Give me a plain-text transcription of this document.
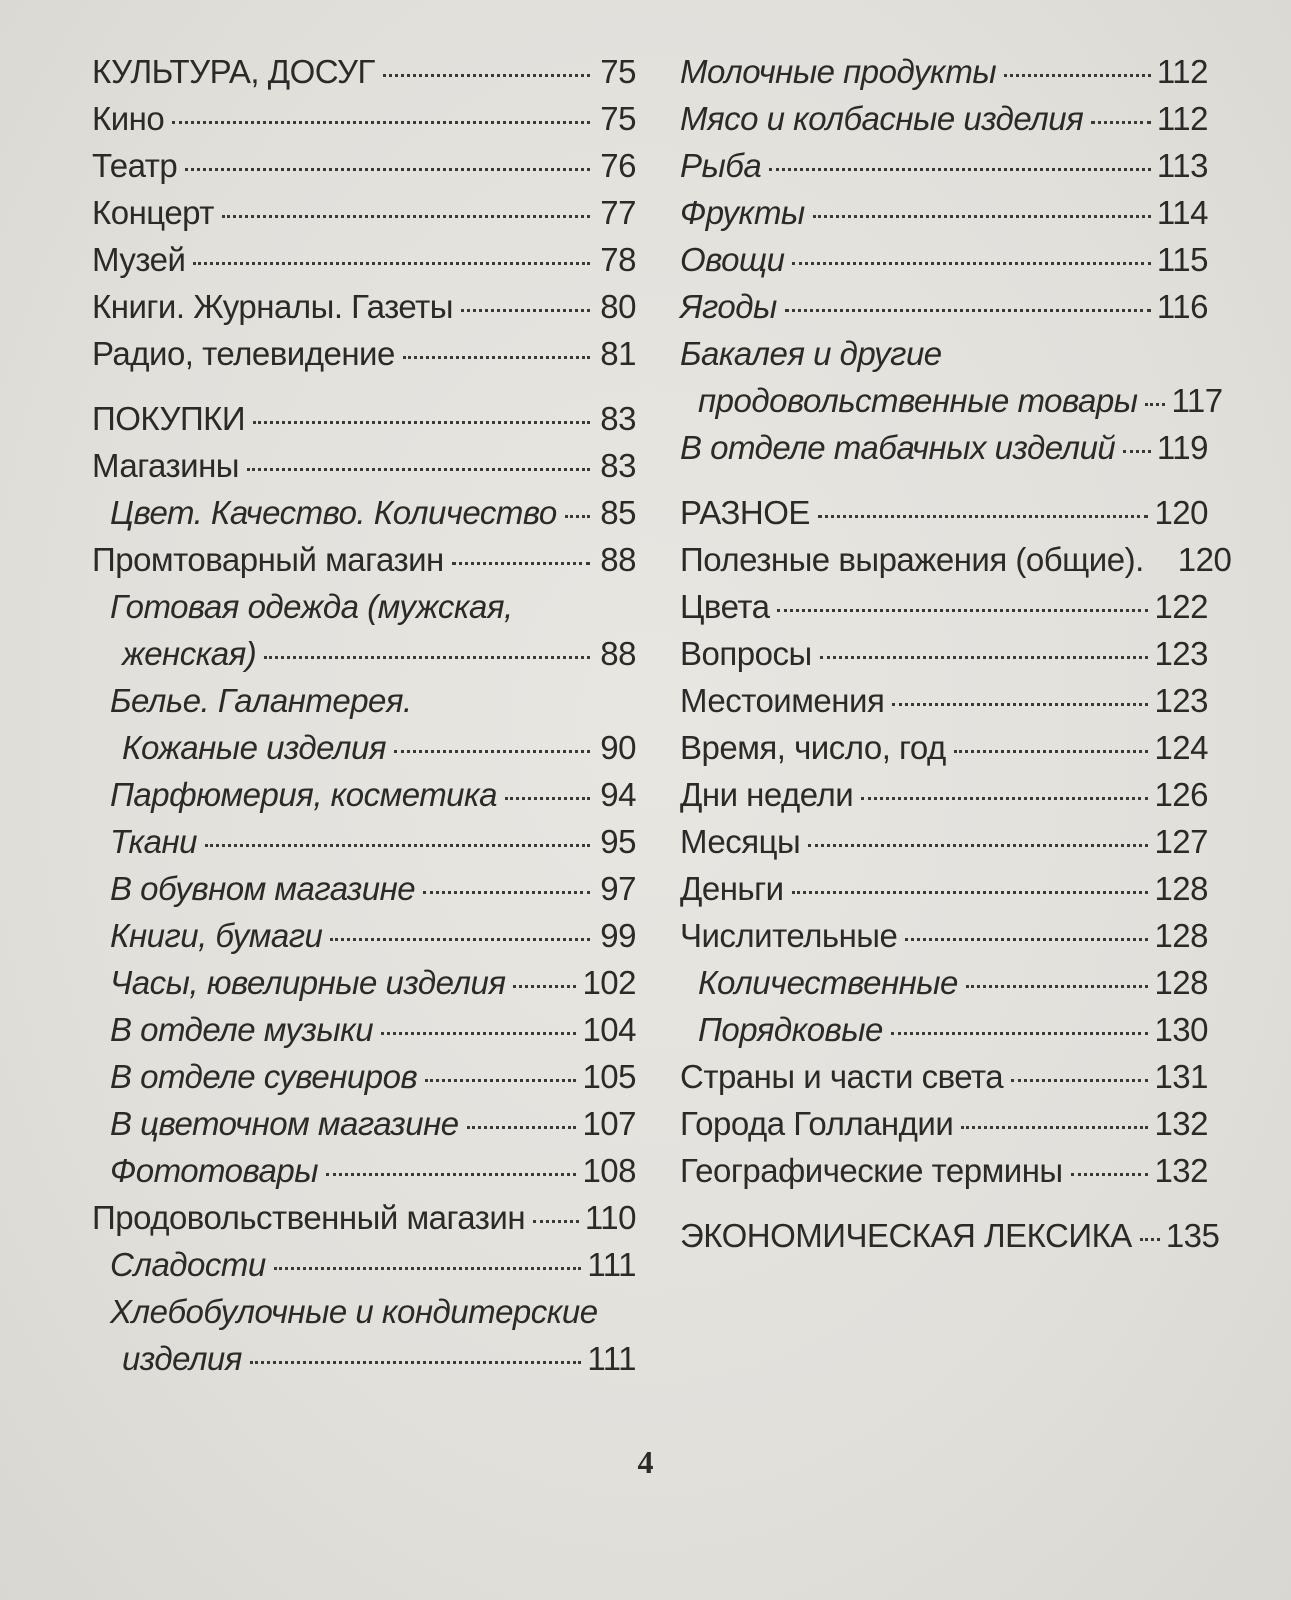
КУЛЬТУРА, ДОСУГ	75
Кино	75
Театр	76
Концерт	77
Музей	78
Книги. Журналы. Газеты	80
Радио, телевидение	81
ПОКУПКИ	83
Магазины	83
Цвет. Качество. Количество 85
Промтоварный магазин	88
Готовая одежда (мужская,
женская)	88
Белье. Галантерея.
Кожаные изделия	90
Парфюмерия, косметика	94
Ткани	95
В обувном магазине	97
Книги, бумаги	99
Часы, ювелирные изделия 102
В отделе музыки	104
В отделе сувениров	105
В цветочном магазине	107
Фототовары	108
Продовольственный магазин 110
Сладости	111
Хлебобулочные и кондитерские
изделия	111
Молочные продукты	112
Мясо и колбасные изделия 112
Рыба	113
Фрукты	114
Овощи	115
Ягоды	116
Бакалея и другие
продовольственные товары 117
В отделе табачных изделий 119
РАЗНОЕ	120
Полезные выражения (общие). 120
Цвета	122
Вопросы	123
Местоимения	123
Время, число, год	124
Дни недели	126
Месяцы	127
Деньги	128
Числительные	128
Количественные	128
Порядковые	130
Страны и части света	131
Города Голландии	132
Географические термины	132
ЭКОНОМИЧЕСКАЯ ЛЕКСИКА 135
4
